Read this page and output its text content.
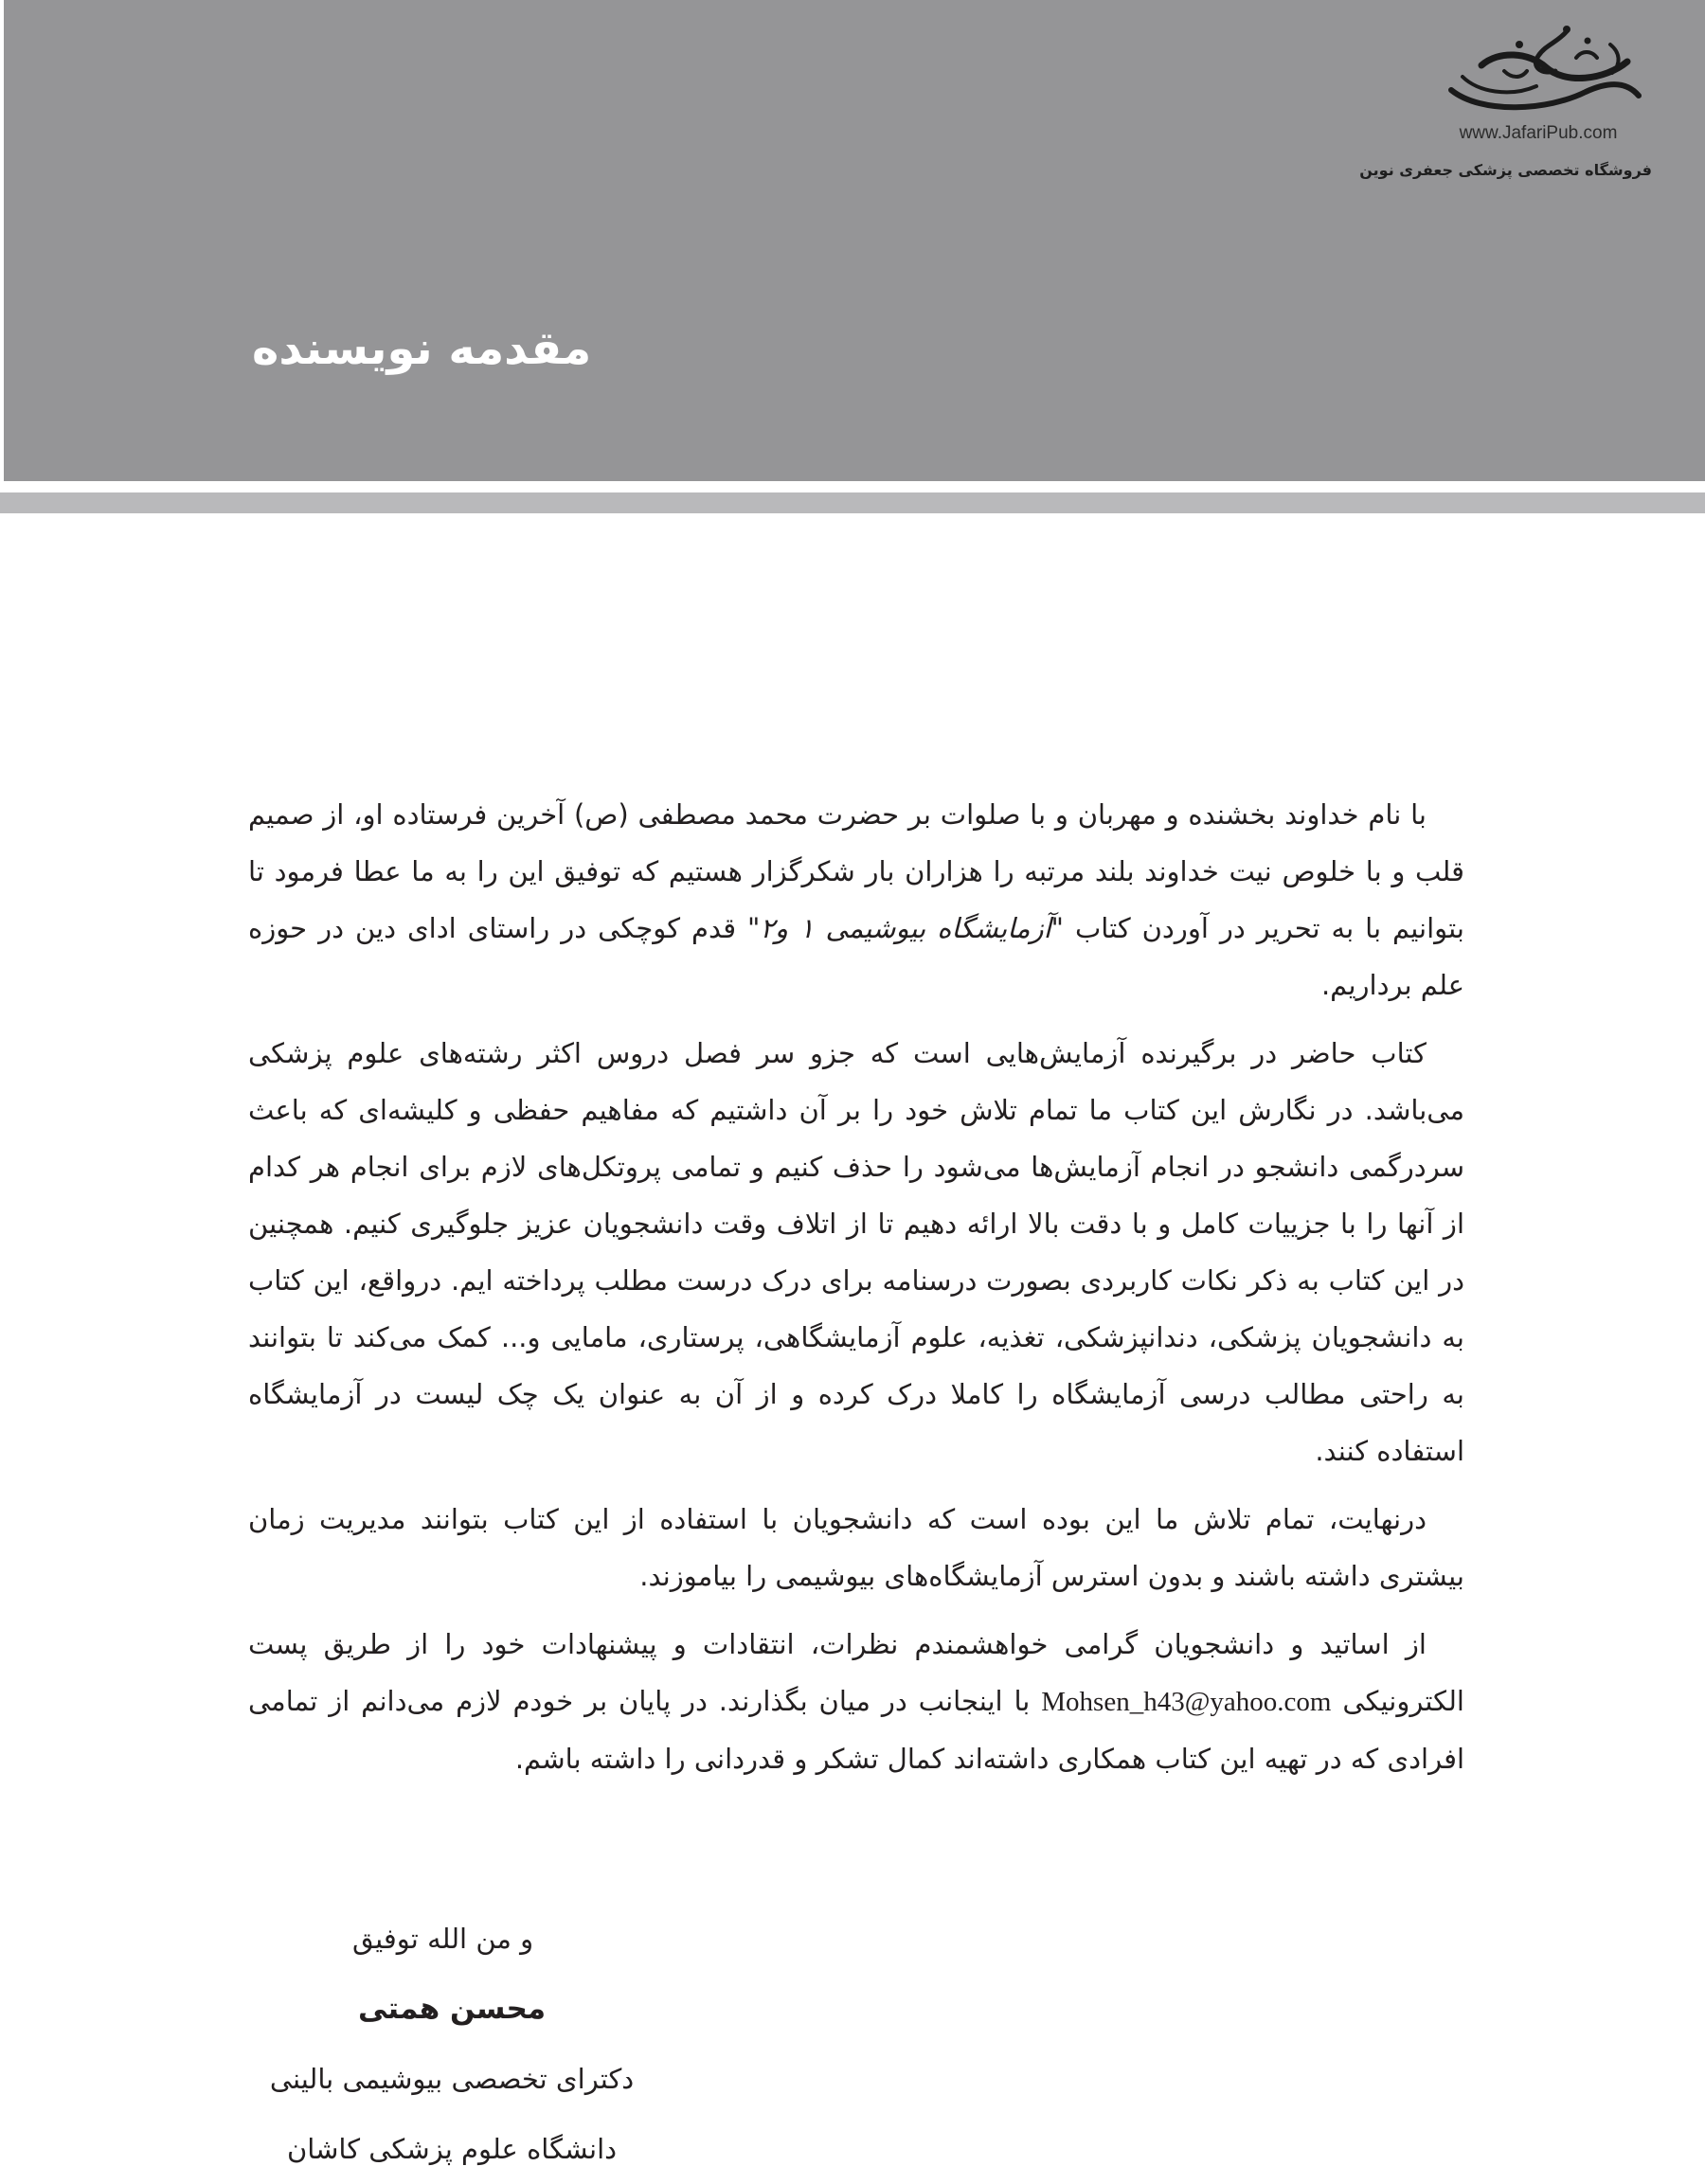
www.JafariPub.com
فروشگاه تخصصی پزشکی جعفری نوین
مقدمه نویسنده

با نام خداوند بخشنده و مهربان و با صلوات بر حضرت محمد مصطفی (ص) آخرین فرستاده او، از صمیم قلب و با خلوص نیت خداوند بلند مرتبه را هزاران بار شکرگزار هستیم که توفیق این را به ما عطا فرمود تا بتوانیم با به تحریر در آوردن کتاب "آزمایشگاه بیوشیمی ۱ و۲" قدم کوچکی در راستای ادای دین در حوزه علم برداریم.

کتاب حاضر در برگیرنده آزمایش‌هایی است که جزو سر فصل دروس اکثر رشته‌های علوم پزشکی می‌باشد. در نگارش این کتاب ما تمام تلاش خود را بر آن داشتیم که مفاهیم حفظی و کلیشه‌ای که باعث سردرگمی دانشجو در انجام آزمایش‌ها می‌شود را حذف کنیم و تمامی پروتکل‌های لازم برای انجام هر کدام از آنها را با جزییات کامل و با دقت بالا ارائه دهیم تا از اتلاف وقت دانشجویان عزیز جلوگیری کنیم. همچنین در این کتاب به ذکر نکات کاربردی بصورت درسنامه برای درک درست مطلب پرداخته ایم. درواقع، این کتاب به دانشجویان پزشکی، دندانپزشکی، تغذیه، علوم آزمایشگاهی، پرستاری، مامایی و... کمک می‌کند تا بتوانند به راحتی مطالب درسی آزمایشگاه را کاملا درک کرده و از آن به عنوان یک چک لیست در آزمایشگاه استفاده کنند.

درنهایت، تمام تلاش ما این بوده است که دانشجویان با استفاده از این کتاب بتوانند مدیریت زمان بیشتری داشته باشند و بدون استرس آزمایشگاه‌های بیوشیمی را بیاموزند.

از اساتید و دانشجویان گرامی خواهشمندم نظرات، انتقادات و پیشنهادات خود را از طریق پست الکترونیکی Mohsen_h43@yahoo.com با اینجانب در میان بگذارند. در پایان بر خودم لازم می‌دانم از تمامی افرادی که در تهیه این کتاب همکاری داشته‌اند کمال تشکر و قدردانی را داشته باشم.

و من الله توفیق
محسن همتی
دکترای تخصصی بیوشیمی بالینی
دانشگاه علوم پزشکی کاشان
